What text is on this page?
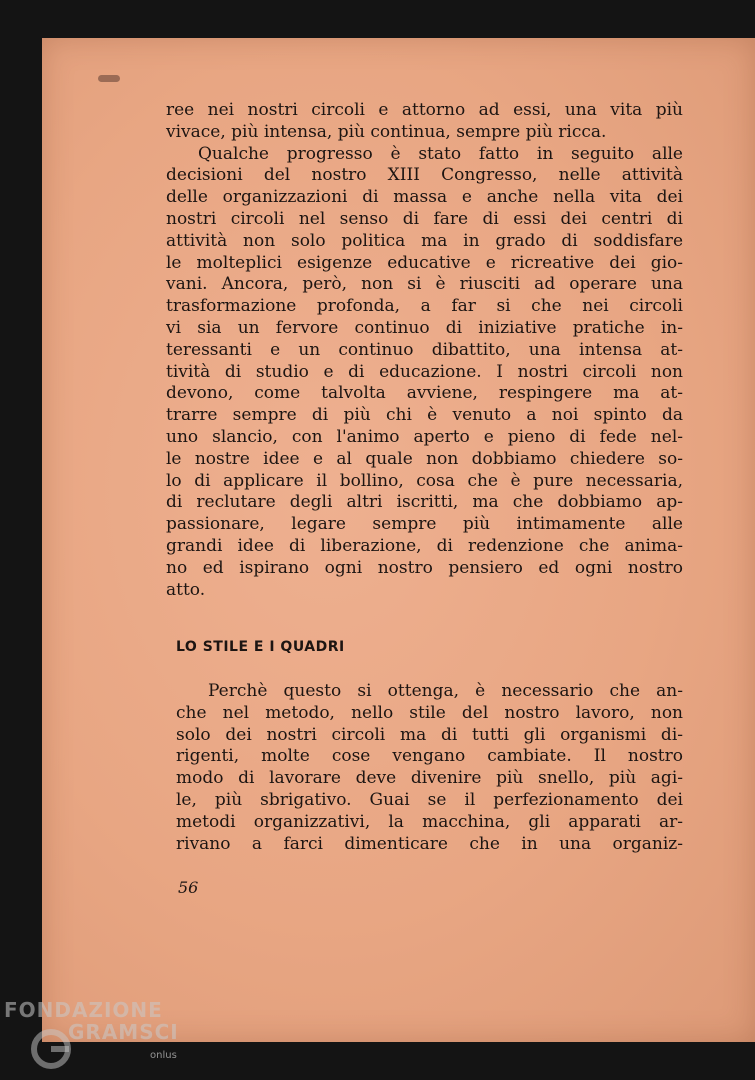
ree nei nostri circoli e attorno ad essi, una vita più
vivace, più intensa, più continua, sempre più ricca.
Qualche progresso è stato fatto in seguito alle
decisioni del nostro XIII Congresso, nelle attività
delle organizzazioni di massa e anche nella vita dei
nostri circoli nel senso di fare di essi dei centri di
attività non solo politica ma in grado di soddisfare
le molteplici esigenze educative e ricreative dei gio-
vani. Ancora, però, non si è riusciti ad operare una
trasformazione profonda, a far si che nei circoli
vi sia un fervore continuo di iniziative pratiche in-
teressanti e un continuo dibattito, una intensa at-
tività di studio e di educazione. I nostri circoli non
devono, come talvolta avviene, respingere ma at-
trarre sempre di più chi è venuto a noi spinto da
uno slancio, con l'animo aperto e pieno di fede nel-
le nostre idee e al quale non dobbiamo chiedere so-
lo di applicare il bollino, cosa che è pure necessaria,
di reclutare degli altri iscritti, ma che dobbiamo ap-
passionare, legare sempre più intimamente alle
grandi idee di liberazione, di redenzione che anima-
no ed ispirano ogni nostro pensiero ed ogni nostro
atto.
LO STILE E I QUADRI
Perchè questo si ottenga, è necessario che an-
che nel metodo, nello stile del nostro lavoro, non
solo dei nostri circoli ma di tutti gli organismi di-
rigenti, molte cose vengano cambiate. Il nostro
modo di lavorare deve divenire più snello, più agi-
le, più sbrigativo. Guai se il perfezionamento dei
metodi organizzativi, la macchina, gli apparati ar-
rivano a farci dimenticare che in una organiz-
56
FONDAZIONE
GRAMSCI
onlus
